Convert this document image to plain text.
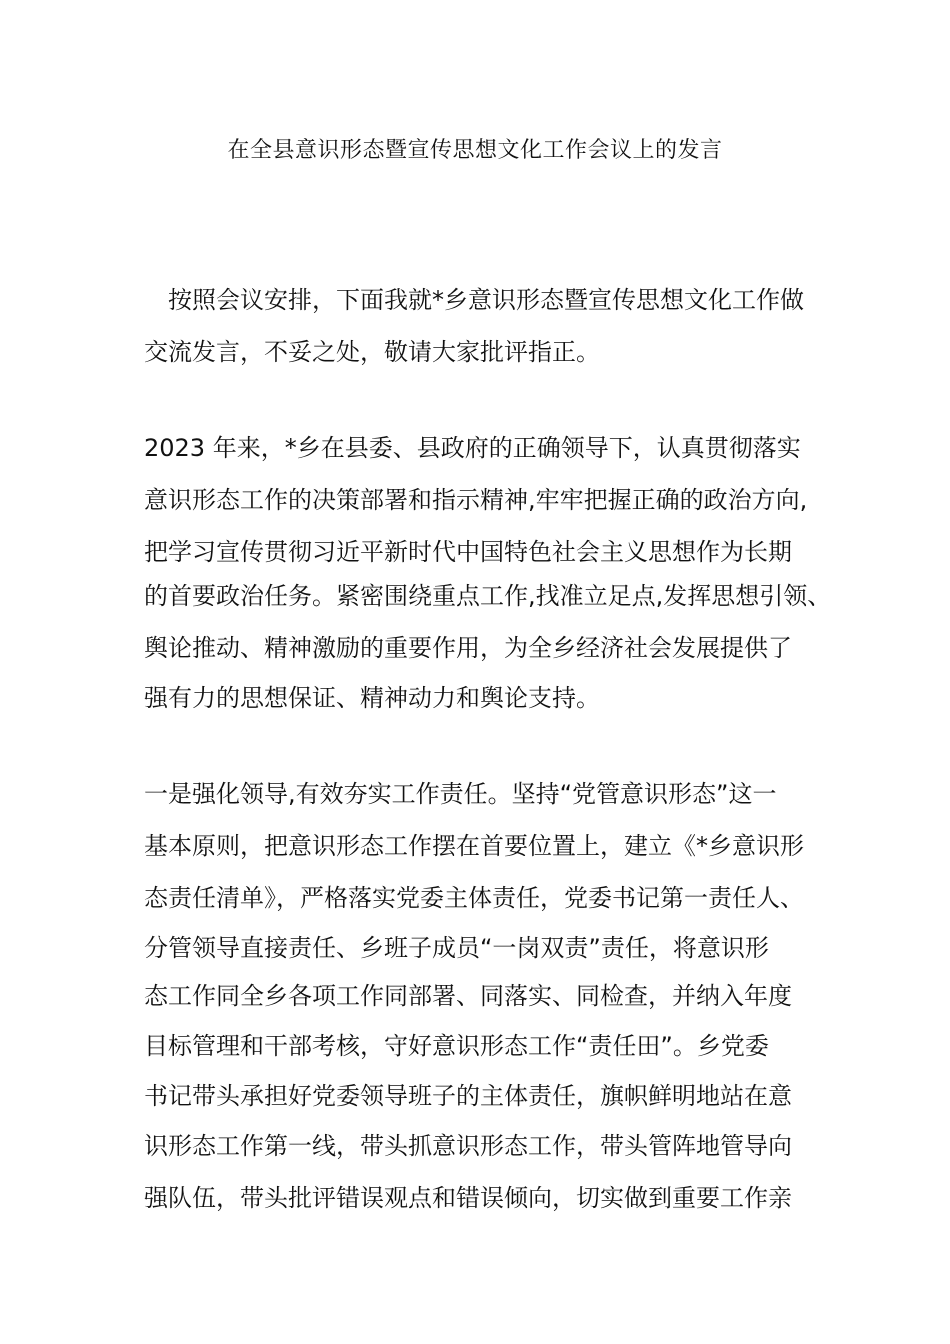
在全县意识形态暨宣传思想文化工作会议上的发言

按照会议安排，下面我就*乡意识形态暨宣传思想文化工作做

交流发言，不妥之处，敬请大家批评指正。

2023 年来，*乡在县委、县政府的正确领导下，认真贯彻落实

意识形态工作的决策部署和指示精神,牢牢把握正确的政治方向,

把学习宣传贯彻习近平新时代中国特色社会主义思想作为长期

的首要政治任务。紧密围绕重点工作,找准立足点,发挥思想引领、

舆论推动、精神激励的重要作用，为全乡经济社会发展提供了

强有力的思想保证、精神动力和舆论支持。

一是强化领导,有效夯实工作责任。坚持“党管意识形态”这一

基本原则，把意识形态工作摆在首要位置上，建立《*乡意识形

态责任清单》，严格落实党委主体责任，党委书记第一责任人、

分管领导直接责任、乡班子成员“一岗双责”责任，将意识形

态工作同全乡各项工作同部署、同落实、同检查，并纳入年度

目标管理和干部考核，守好意识形态工作“责任田”。乡党委

书记带头承担好党委领导班子的主体责任，旗帜鲜明地站在意

识形态工作第一线，带头抓意识形态工作，带头管阵地管导向

强队伍，带头批评错误观点和错误倾向，切实做到重要工作亲
